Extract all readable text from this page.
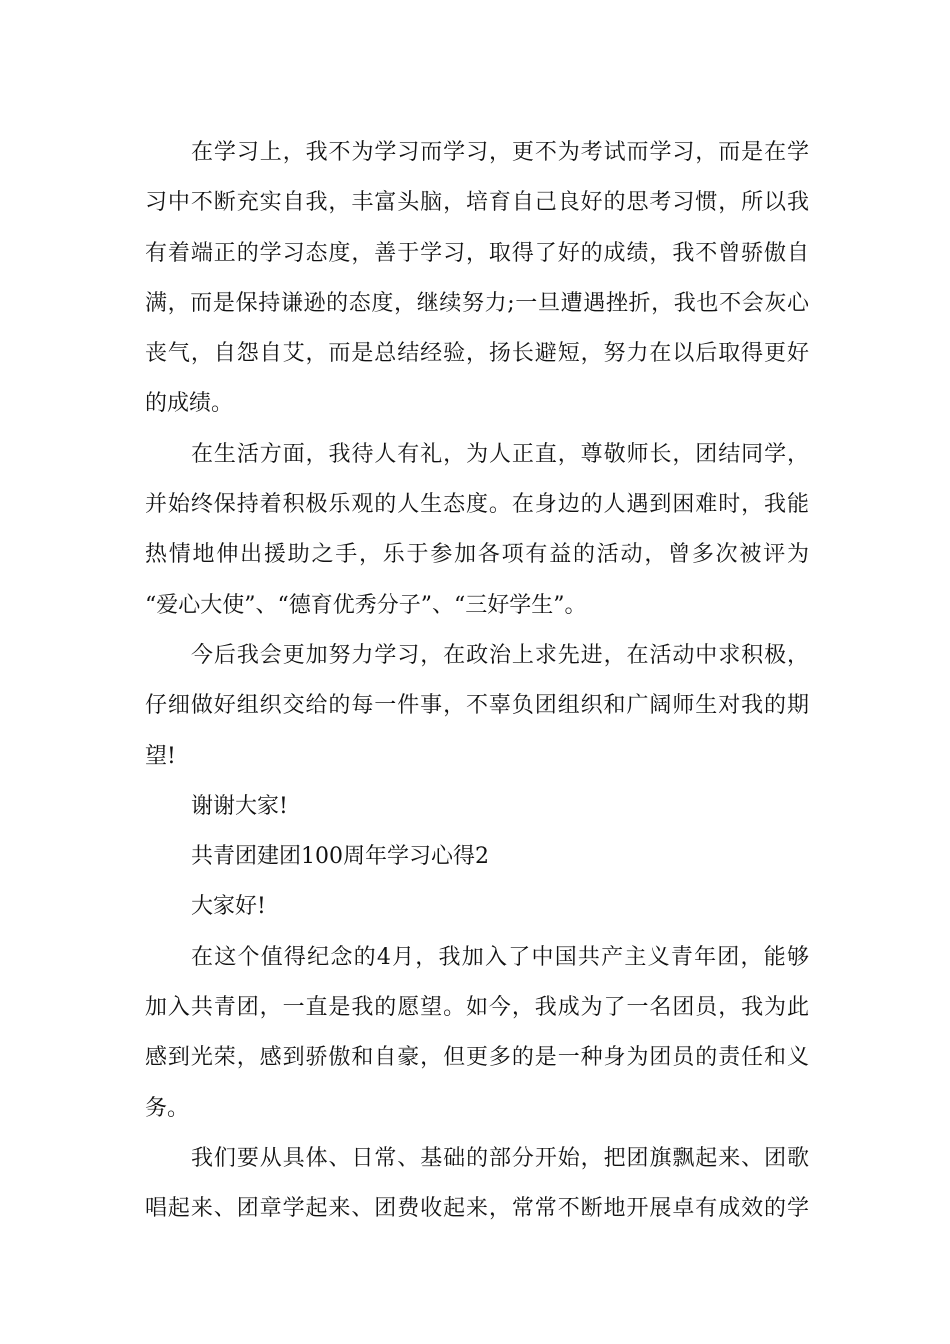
在学习上，我不为学习而学习，更不为考试而学习，而是在学
习中不断充实自我，丰富头脑，培育自己良好的思考习惯，所以我
有着端正的学习态度，善于学习，取得了好的成绩，我不曾骄傲自
满，而是保持谦逊的态度，继续努力;一旦遭遇挫折，我也不会灰心
丧气，自怨自艾，而是总结经验，扬长避短，努力在以后取得更好
的成绩。

在生活方面，我待人有礼，为人正直，尊敬师长，团结同学，
并始终保持着积极乐观的人生态度。在身边的人遇到困难时，我能
热情地伸出援助之手，乐于参加各项有益的活动，曾多次被评为
“爱心大使”、“德育优秀分子”、“三好学生”。

今后我会更加努力学习，在政治上求先进，在活动中求积极，
仔细做好组织交给的每一件事，不辜负团组织和广阔师生对我的期
望!

谢谢大家!

共青团建团100周年学习心得2

大家好!

在这个值得纪念的4月，我加入了中国共产主义青年团，能够
加入共青团，一直是我的愿望。如今，我成为了一名团员，我为此
感到光荣，感到骄傲和自豪，但更多的是一种身为团员的责任和义
务。

我们要从具体、日常、基础的部分开始，把团旗飘起来、团歌
唱起来、团章学起来、团费收起来，常常不断地开展卓有成效的学
